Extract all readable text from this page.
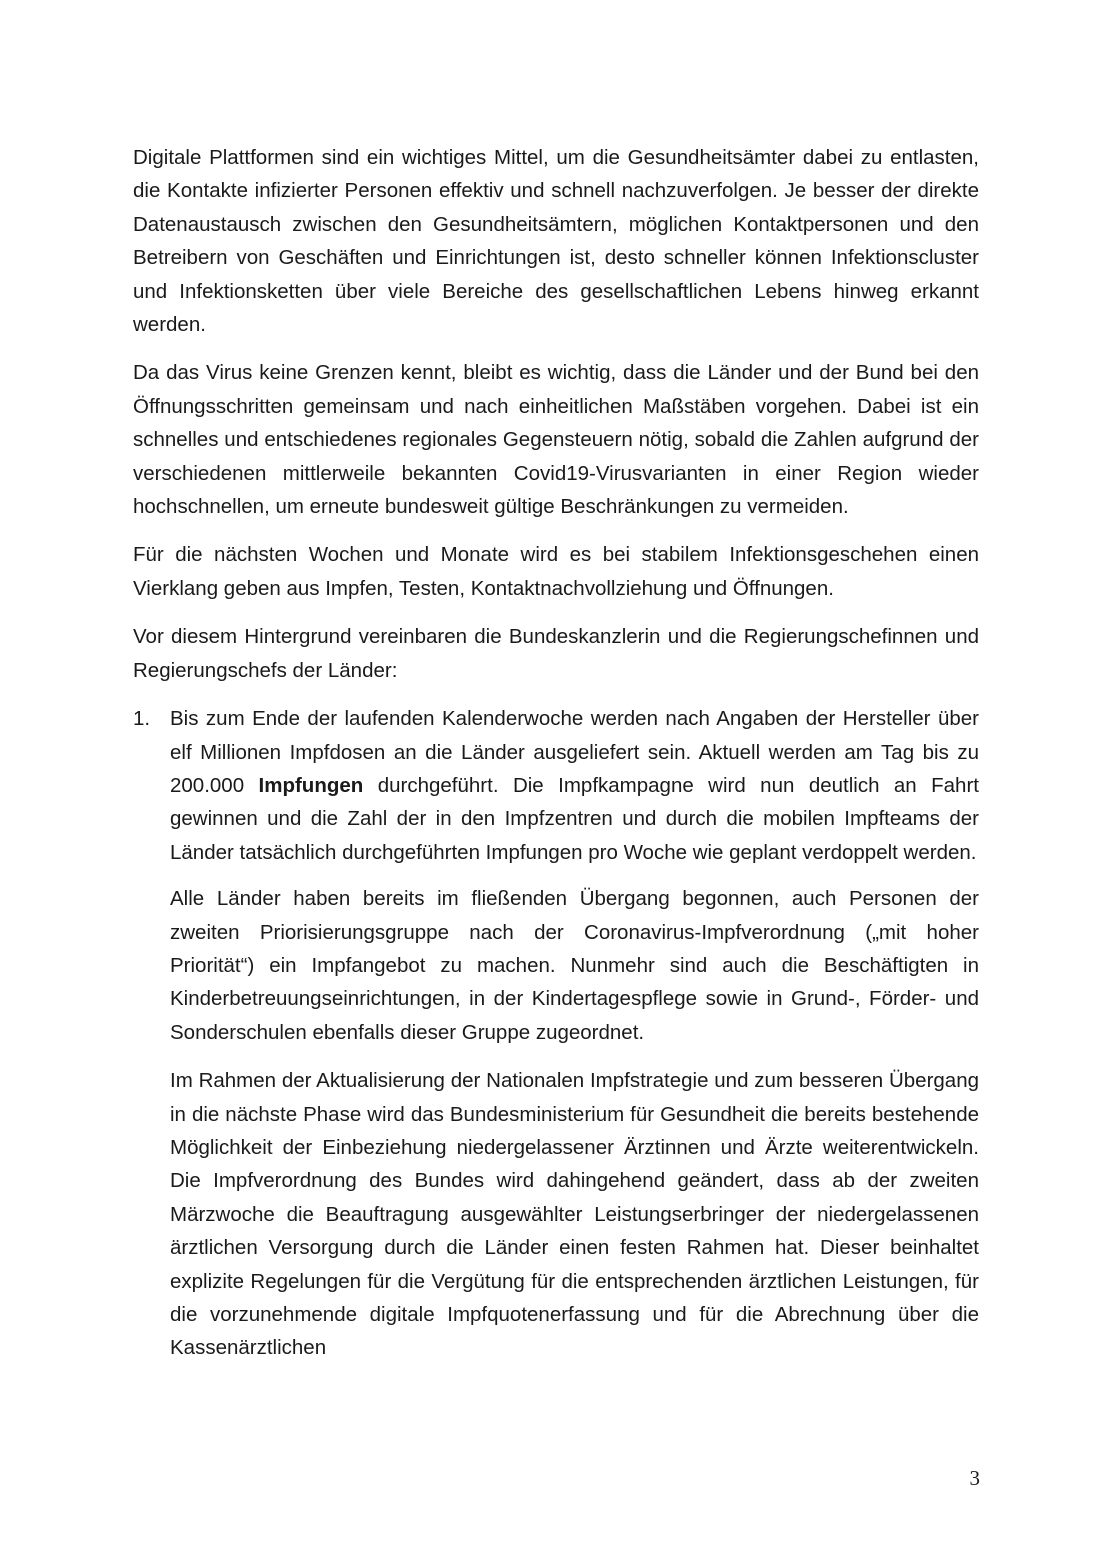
Digitale Plattformen sind ein wichtiges Mittel, um die Gesundheitsämter dabei zu entlasten, die Kontakte infizierter Personen effektiv und schnell nachzuverfolgen. Je besser der direkte Datenaustausch zwischen den Gesundheitsämtern, möglichen Kontaktpersonen und den Betreibern von Geschäften und Einrichtungen ist, desto schneller können Infektionscluster und Infektionsketten über viele Bereiche des gesellschaftlichen Lebens hinweg erkannt werden.

Da das Virus keine Grenzen kennt, bleibt es wichtig, dass die Länder und der Bund bei den Öffnungsschritten gemeinsam und nach einheitlichen Maßstäben vorgehen. Dabei ist ein schnelles und entschiedenes regionales Gegensteuern nötig, sobald die Zahlen aufgrund der verschiedenen mittlerweile bekannten Covid19-Virusvarianten in einer Region wieder hochschnellen, um erneute bundesweit gültige Beschränkungen zu vermeiden.

Für die nächsten Wochen und Monate wird es bei stabilem Infektionsgeschehen einen Vierklang geben aus Impfen, Testen, Kontaktnachvollziehung und Öffnungen.

Vor diesem Hintergrund vereinbaren die Bundeskanzlerin und die Regierungschefinnen und Regierungschefs der Länder:

1. Bis zum Ende der laufenden Kalenderwoche werden nach Angaben der Hersteller über elf Millionen Impfdosen an die Länder ausgeliefert sein. Aktuell werden am Tag bis zu 200.000 Impfungen durchgeführt. Die Impfkampagne wird nun deutlich an Fahrt gewinnen und die Zahl der in den Impfzentren und durch die mobilen Impfteams der Länder tatsächlich durchgeführten Impfungen pro Woche wie geplant verdoppelt werden.

Alle Länder haben bereits im fließenden Übergang begonnen, auch Personen der zweiten Priorisierungsgruppe nach der Coronavirus-Impfverordnung („mit hoher Priorität“) ein Impfangebot zu machen. Nunmehr sind auch die Beschäftigten in Kinderbetreuungseinrichtungen, in der Kindertagespflege sowie in Grund-, Förder- und Sonderschulen ebenfalls dieser Gruppe zugeordnet.

Im Rahmen der Aktualisierung der Nationalen Impfstrategie und zum besseren Übergang in die nächste Phase wird das Bundesministerium für Gesundheit die bereits bestehende Möglichkeit der Einbeziehung niedergelassener Ärztinnen und Ärzte weiterentwickeln. Die Impfverordnung des Bundes wird dahingehend geändert, dass ab der zweiten Märzwoche die Beauftragung ausgewählter Leistungserbringer der niedergelassenen ärztlichen Versorgung durch die Länder einen festen Rahmen hat. Dieser beinhaltet explizite Regelungen für die Vergütung für die entsprechenden ärztlichen Leistungen, für die vorzunehmende digitale Impfquotenerfassung und für die Abrechnung über die Kassenärztlichen

3
